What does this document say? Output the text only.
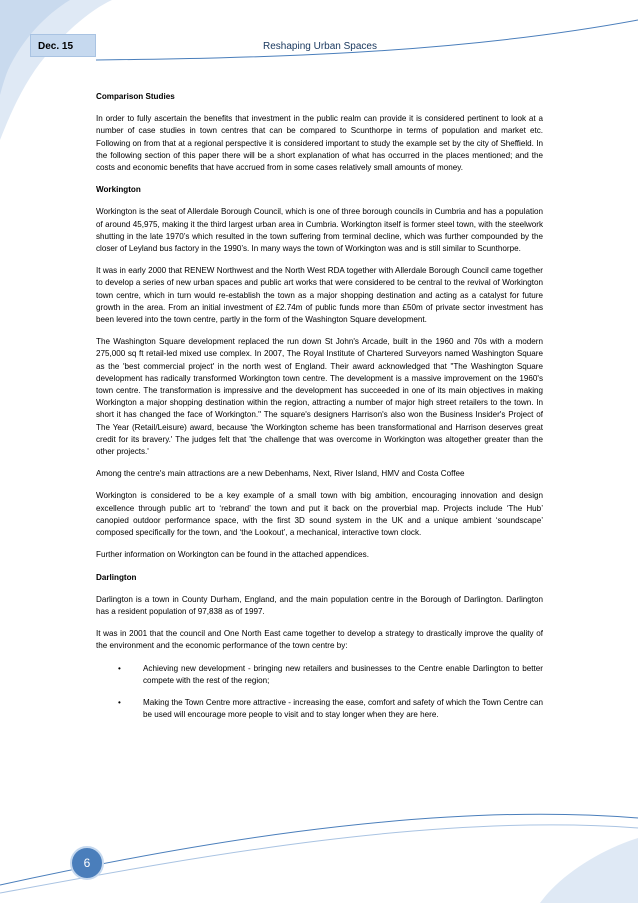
Dec. 15	Reshaping Urban Spaces

Comparison Studies

In order to fully ascertain the benefits that investment in the public realm can provide it is considered pertinent to look at a number of case studies in town centres that can be compared to Scunthorpe in terms of population and market etc. Following on from that at a regional perspective it is considered important to study the example set by the city of Sheffield. In the following section of this paper there will be a short explanation of what has occurred in the places mentioned; and the costs and economic benefits that have accrued from in some cases relatively small amounts of money.

Workington

Workington is the seat of Allerdale Borough Council, which is one of three borough councils in Cumbria and has a population of around 45,975, making it the third largest urban area in Cumbria. Workington itself is former steel town, with the steelwork shutting in the late 1970’s which resulted in the town suffering from terminal decline, which was further compounded by the closer of Leyland bus factory in the 1990’s. In many ways the town of Workington was and is still similar to Scunthorpe.

It was in early 2000 that RENEW Northwest and the North West RDA together with Allerdale Borough Council came together to develop a series of new urban spaces and public art works that were considered to be central to the revival of Workington town centre, which in turn would re-establish the town as a major shopping destination and acting as a catalyst for future growth in the area. From an initial investment of £2.74m of public funds more than £50m of private sector investment has been levered into the town centre, partly in the form of the Washington Square development.

The Washington Square development replaced the run down St John's Arcade, built in the 1960 and 70s with a modern 275,000 sq ft retail-led mixed use complex. In 2007, The Royal Institute of Chartered Surveyors named Washington Square as the 'best commercial project' in the north west of England. Their award acknowledged that "The Washington Square development has radically transformed Workington town centre. The development is a massive improvement on the 1960's town centre. The transformation is impressive and the development has succeeded in one of its main objectives in making Workington a major shopping destination within the region, attracting a number of major high street retailers to the town. In short it has changed the face of Workington." The square's designers Harrison's also won the Business Insider's Project of The Year (Retail/Leisure) award, because 'the Workington scheme has been transformational and Harrison deserves great credit for its bravery.' The judges felt that 'the challenge that was overcome in Workington was altogether greater than the other projects.'

Among the centre's main attractions are a new Debenhams, Next, River Island, HMV and Costa Coffee

Workington is considered to be a key example of a small town with big ambition, encouraging innovation and design excellence through public art to ‘rebrand’ the town and put it back on the proverbial map. Projects include ‘The Hub’ canopied outdoor performance space, with the first 3D sound system in the UK and a unique ambient ‘soundscape’ composed specifically for the town, and ‘the Lookout’, a mechanical, interactive town clock.

Further information on Workington can be found in the attached appendices.

Darlington

Darlington is a town in County Durham, England, and the main population centre in the Borough of Darlington. Darlington has a resident population of 97,838 as of 1997.

It was in 2001 that the council and One North East came together to develop a strategy to drastically improve the quality of the environment and the economic performance of the town centre by:

•	Achieving new development - bringing new retailers and businesses to the Centre enable Darlington to better compete with the rest of the region;
•	Making the Town Centre more attractive - increasing the ease, comfort and safety of which the Town Centre can be used will encourage more people to visit and to stay longer when they are here.
6
